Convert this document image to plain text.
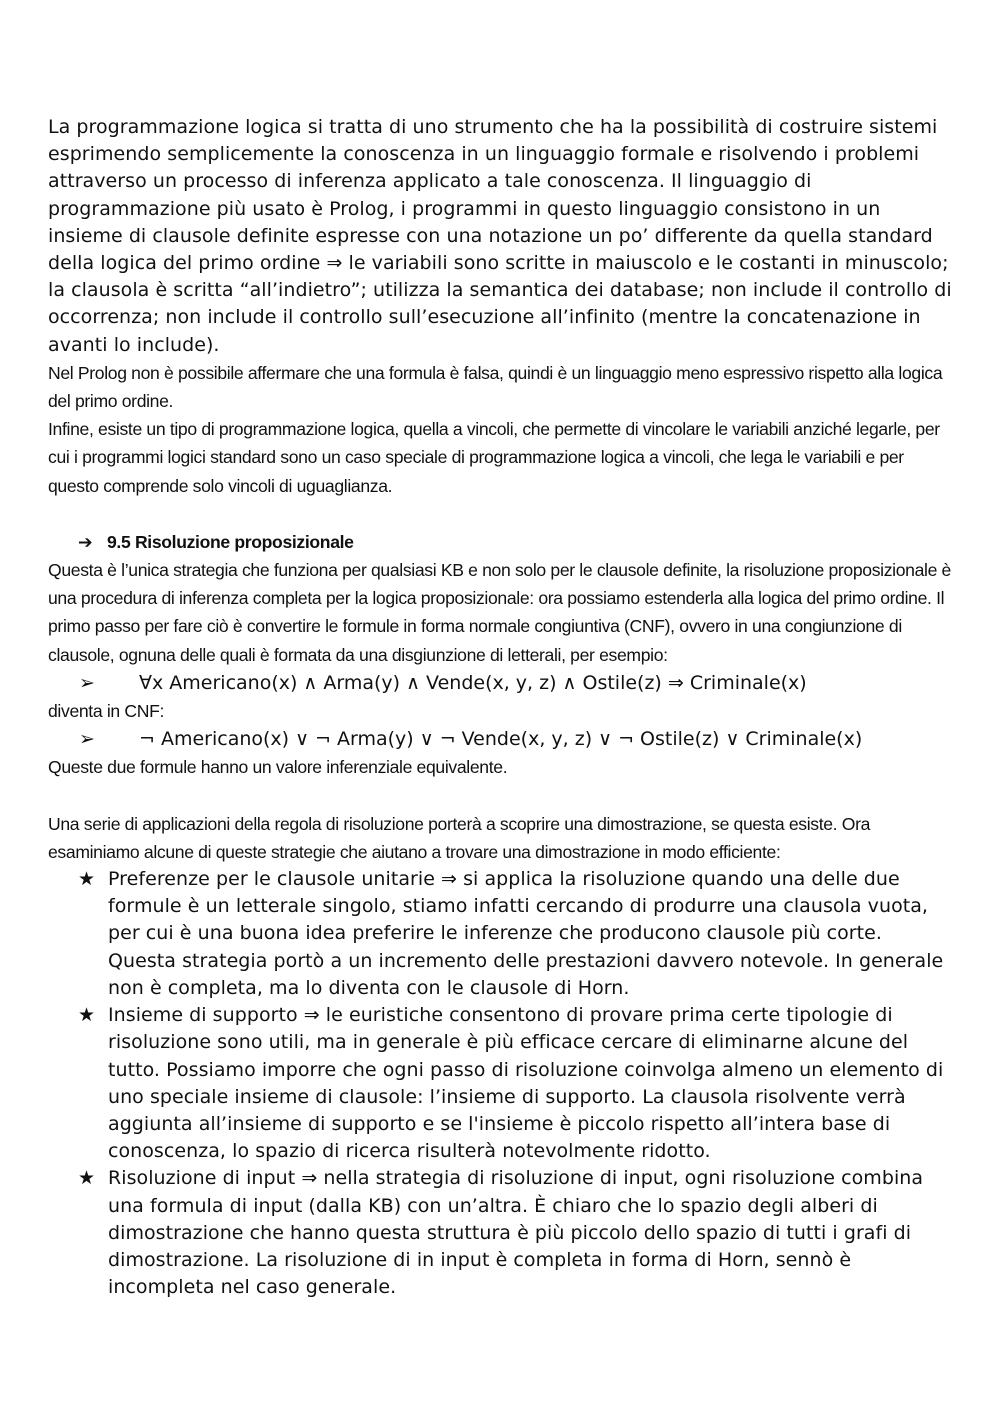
La programmazione logica si tratta di uno strumento che ha la possibilità di costruire sistemi esprimendo semplicemente la conoscenza in un linguaggio formale e risolvendo i problemi attraverso un processo di inferenza applicato a tale conoscenza. Il linguaggio di programmazione più usato è Prolog, i programmi in questo linguaggio consistono in un insieme di clausole definite espresse con una notazione un po’ differente da quella standard della logica del primo ordine ⇒ le variabili sono scritte in maiuscolo e le costanti in minuscolo; la clausola è scritta “all’indietro”; utilizza la semantica dei database; non include il controllo di occorrenza; non include il controllo sull’esecuzione all’infinito (mentre la concatenazione in avanti lo include).

Nel Prolog non è possibile affermare che una formula è falsa, quindi è un linguaggio meno espressivo rispetto alla logica del primo ordine.

Infine, esiste un tipo di programmazione logica, quella a vincoli, che permette di vincolare le variabili anziché legarle, per cui i programmi logici standard sono un caso speciale di programmazione logica a vincoli, che lega le variabili e per questo comprende solo vincoli di uguaglianza.

➔ 9.5 Risoluzione proposizionale

Questa è l’unica strategia che funziona per qualsiasi KB e non solo per le clausole definite, la risoluzione proposizionale è una procedura di inferenza completa per la logica proposizionale: ora possiamo estenderla alla logica del primo ordine. Il primo passo per fare ciò è convertire le formule in forma normale congiuntiva (CNF), ovvero in una congiunzione di clausole, ognuna delle quali è formata da una disgiunzione di letterali, per esempio:

➢ ∀x Americano(x) ∧ Arma(y) ∧ Vende(x, y, z) ∧ Ostile(z) ⇒ Criminale(x)

diventa in CNF:

➢ ¬ Americano(x) ∨ ¬ Arma(y) ∨ ¬ Vende(x, y, z) ∨ ¬ Ostile(z) ∨ Criminale(x)

Queste due formule hanno un valore inferenziale equivalente.

Una serie di applicazioni della regola di risoluzione porterà a scoprire una dimostrazione, se questa esiste. Ora esaminiamo alcune di queste strategie che aiutano a trovare una dimostrazione in modo efficiente:

★ Preferenze per le clausole unitarie ⇒ si applica la risoluzione quando una delle due formule è un letterale singolo, stiamo infatti cercando di produrre una clausola vuota, per cui è una buona idea preferire le inferenze che producono clausole più corte. Questa strategia portò a un incremento delle prestazioni davvero notevole. In generale non è completa, ma lo diventa con le clausole di Horn.
★ Insieme di supporto ⇒ le euristiche consentono di provare prima certe tipologie di risoluzione sono utili, ma in generale è più efficace cercare di eliminarne alcune del tutto. Possiamo imporre che ogni passo di risoluzione coinvolga almeno un elemento di uno speciale insieme di clausole: l’insieme di supporto. La clausola risolvente verrà aggiunta all’insieme di supporto e se l'insieme è piccolo rispetto all’intera base di conoscenza, lo spazio di ricerca risulterà notevolmente ridotto.
★ Risoluzione di input ⇒ nella strategia di risoluzione di input, ogni risoluzione combina una formula di input (dalla KB) con un’altra. È chiaro che lo spazio degli alberi di dimostrazione che hanno questa struttura è più piccolo dello spazio di tutti i grafi di dimostrazione. La risoluzione di in input è completa in forma di Horn, sennò è incompleta nel caso generale.
